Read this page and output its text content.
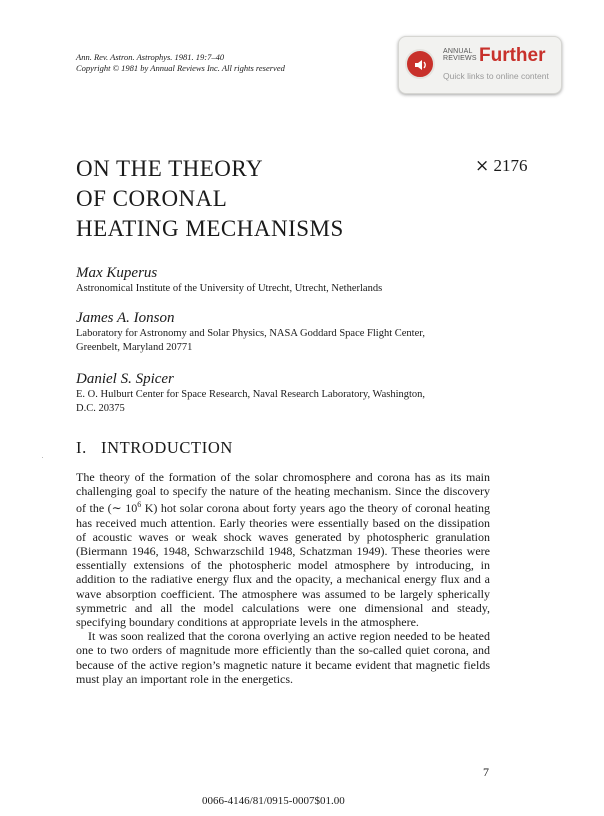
Ann. Rev. Astron. Astrophys. 1981. 19:7–40
Copyright © 1981 by Annual Reviews Inc. All rights reserved
ANNUAL
REVIEWS Further
Quick links to online content
ON THE THEORY
OF CORONAL
HEATING MECHANISMS
⨯ 2176
Max Kuperus
Astronomical Institute of the University of Utrecht, Utrecht, Netherlands
James A. Ionson
Laboratory for Astronomy and Solar Physics, NASA Goddard Space Flight Center,
Greenbelt, Maryland 20771
Daniel S. Spicer
E. O. Hulburt Center for Space Research, Naval Research Laboratory, Washington,
D.C. 20375
I.   INTRODUCTION

The theory of the formation of the solar chromosphere and corona has as its main challenging goal to specify the nature of the heating mechanism. Since the discovery of the (∼ $10^6$ K) hot solar corona about forty years ago the theory of coronal heating has received much attention. Early theories were essentially based on the dissipation of acoustic waves or weak shock waves generated by photospheric granulation (Biermann 1946, 1948, Schwarzschild 1948, Schatzman 1949). These theories were essentially extensions of the photospheric model atmosphere by introducing, in addition to the radiative energy flux and the opacity, a mechanical energy flux and a wave absorption coefficient. The atmosphere was assumed to be largely spherically symmetric and all the model calculations were one dimensional and steady, specifying boundary conditions at appropriate levels in the atmosphere.

It was soon realized that the corona overlying an active region needed to be heated one to two orders of magnitude more efficiently than the so-called quiet corona, and because of the active region’s magnetic nature it became evident that magnetic fields must play an important role in the energetics.

7
0066-4146/81/0915-0007$01.00
